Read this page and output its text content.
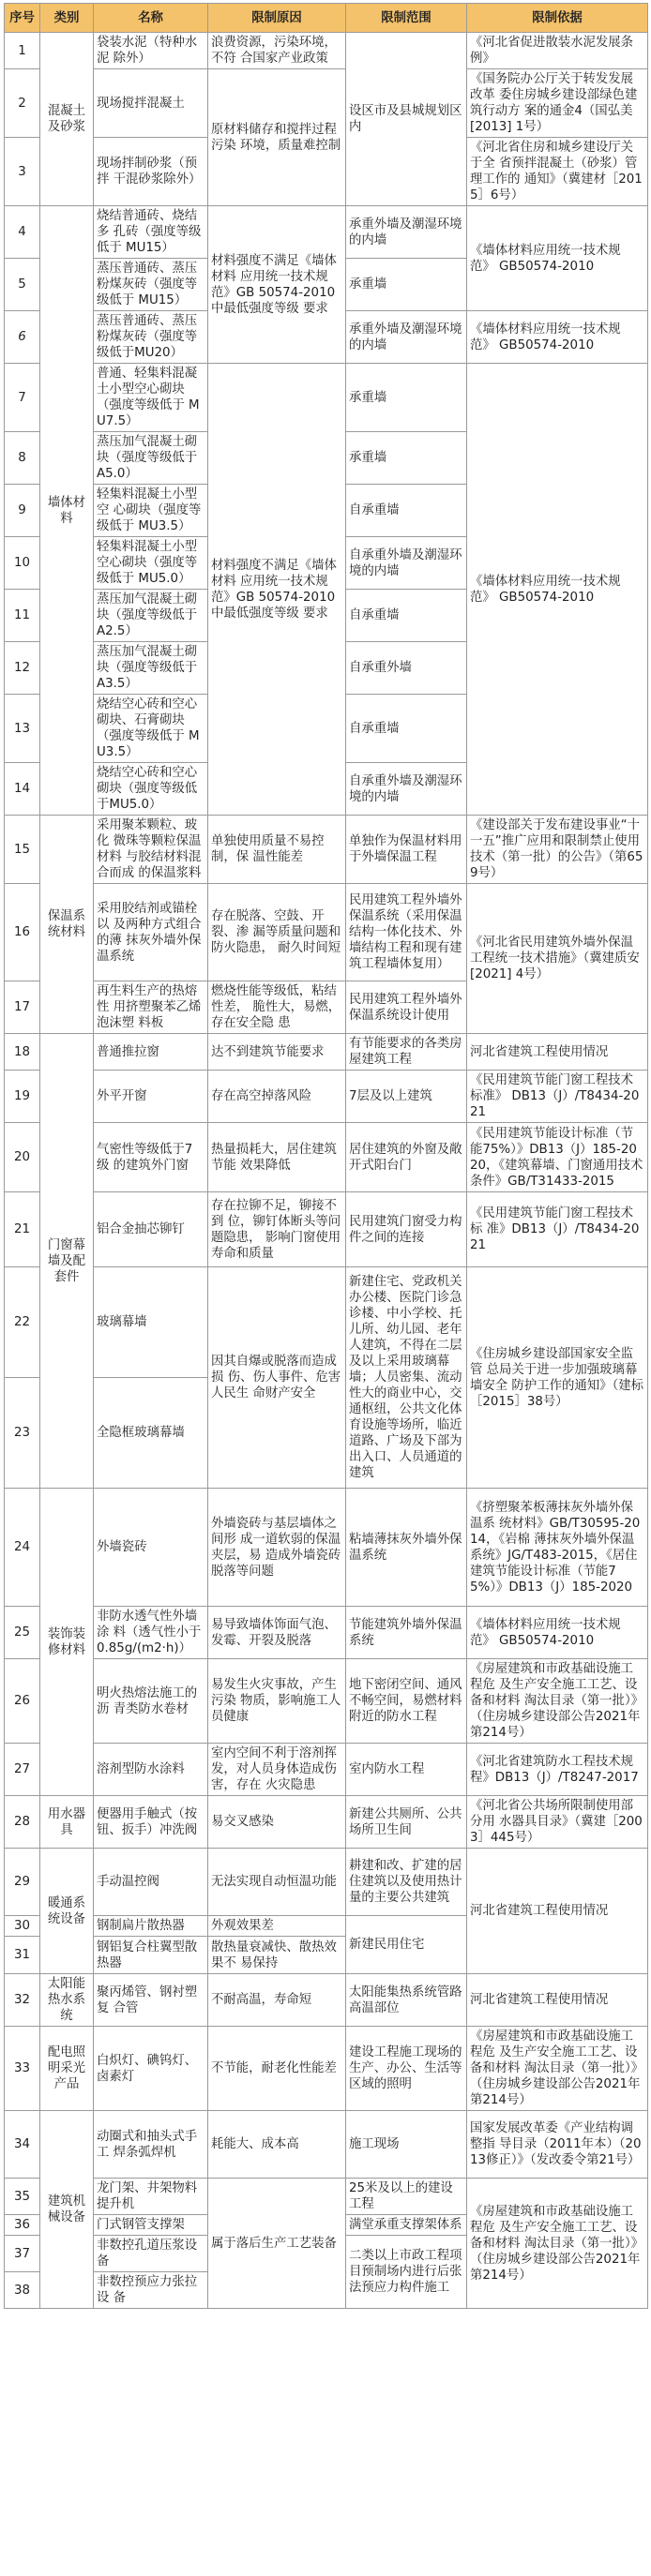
序号	类别	名称	限制原因	限制范围	限制依据
1	混凝土及砂浆	袋装水泥（特种水泥 除外）	浪费资源，污染环境，不符 合国家产业政策	设区市及县城规划区内	《河北省促进散装水泥发展条例》
2		现场搅拌混凝土	原材料储存和搅拌过程污染 环境，质量难控制		《国务院办公厅关于转发发展改革 委住房城乡建设部绿色建筑行动方 案的通金4（国弘美[2013] 1号）
3		现场拌制砂浆（预拌 干混砂浆除外）			《河北省住房和城乡建设厅关于全 省预拌混凝土（砂浆）管理工作的 通知》（冀建材［2015］6号）
4	墙体材料	烧结普通砖、烧结多 孔砖（强度等级低于 MU15）	材料强度不满足《墙体材料 应用统一技术规范》GB 50574-2010中最低强度等级 要求	承重外墙及潮湿环境的内墙	《墙体材料应用统一技术规范》 GB50574-2010
5		蒸压普通砖、蒸压粉煤灰砖（强度等级低于 MU15）		承重墙	
6		蒸压普通砖、蒸压粉煤灰砖（强度等级低于MU20）		承重外墙及潮湿环境的内墙	《墙体材料应用统一技术规范》 GB50574-2010
7		普通、轻集料混凝土小型空心砌块（强度等级低于 MU7.5）	材料强度不满足《墙体材料 应用统一技术规范》GB 50574-2010中最低强度等级 要求	承重墙	《墙体材料应用统一技术规范》 GB50574-2010
8		蒸压加气混凝土砌块（强度等级低于 A5.0）		承重墙	
9		轻集料混凝土小型空 心砌块（强度等级低于 MU3.5）		自承重墙	
10		轻集料混凝土小型空心砌块（强度等级低于 MU5.0）		自承重外墙及潮湿环境的内墙	
11		蒸压加气混凝土砌块（强度等级低于 A2.5）		自承重墙	
12		蒸压加气混凝土砌块（强度等级低于 A3.5）		自承重外墙	
13		烧结空心砖和空心 砌块、石膏砌块（强度等级低于 MU3.5）		自承重墙	
14		烧结空心砖和空心砌块（强度等级低于MU5.0）		自承重外墙及潮湿环境的内墙	
15	保温系统材料	采用聚苯颗粒、玻化 微珠等颗粒保温材料 与胶结材料混合而成 的保温浆料	单独使用质量不易控制，保 温性能差	单独作为保温材料用于外墙保温工程	《建设部关于发布建设事业“十一五”推广应用和限制禁止使用技术（第一批）的公告》（第659号）
16		采用胶结剂或锚栓以 及两种方式组合的薄 抹灰外墙外保温系统	存在脱落、空鼓、开裂、渗 漏等质量问题和防火隐患， 耐久时间短	民用建筑工程外墙外保温系统（采用保温结构一体化技术、外墙结构工程和现有建筑工程墙体复用）	《河北省民用建筑外墙外保温工程统一技术措施》（冀建质安[2021] 4号）
17		再生料生产的热熔性 用挤塑聚苯乙烯泡沫塑 料板	燃烧性能等级低，粘结性差， 脆性大，易燃，存在安全隐 患	民用建筑工程外墙外保温系统设计使用	
18	门窗幕墙及配套件	普通推拉窗	达不到建筑节能要求	有节能要求的各类房屋建筑工程	河北省建筑工程使用情况
19		外平开窗	存在高空掉落风险	7层及以上建筑	《民用建筑节能门窗工程技术标准》 DB13（J）/T8434-2021
20		气密性等级低于7级 的建筑外门窗	热量损耗大，居住建筑节能 效果降低	居住建筑的外窗及敞开式阳台门	《民用建筑节能设计标准（节能75%）》DB13（J）185-2020，《建筑幕墙、门窗通用技术条件》GB/T31433-2015
21		铝合金抽芯铆钉	存在拉铆不足，铆接不到 位，铆钉体断头等问题隐患， 影响门窗使用寿命和质量	民用建筑门窗受力构件之间的连接	《民用建筑节能门窗工程技术标 准》DB13（J）/T8434-2021
22		玻璃幕墙	因其自爆或脱落而造成损 伤、伤人事件、危害人民生 命财产安全	新建住宅、党政机关办公楼、医院门诊急诊楼、中小学校、托儿所、幼儿园、老年人建筑，不得在二层及以上采用玻璃幕墙；人员密集、流动性大的商业中心，交通枢纽，公共文化体育设施等场所，临近道路、广场及下部为出入口、人员通道的建筑	《住房城乡建设部国家安全监管 总局关于进一步加强玻璃幕墙安全 防护工作的通知》（建标［2015］38号）
23		全隐框玻璃幕墙			
24	装饰装修材料	外墙瓷砖	外墙瓷砖与基层墙体之间形 成一道软弱的保温夹层，易 造成外墙瓷砖脱落等问题	粘墙薄抹灰外墙外保温系统	《挤塑聚苯板薄抹灰外墙外保温系 统材料》GB/T30595-2014，《岩棉 薄抹灰外墙外保温系统》JG/T483-2015，《居住建筑节能设计标准（节能75%）》DB13（J）185-2020
25		非防水透气性外墙涂 料（透气性小于0.85g/(m2·h)）	易导致墙体饰面气泡、发霉、开裂及脱落	节能建筑外墙外保温系统	《墙体材料应用统一技术规范》 GB50574-2010
26		明火热熔法施工的沥 青类防水卷材	易发生火灾事故，产生污染 物质，影响施工人员健康	地下密闭空间、通风不畅空间，易燃材料附近的防水工程	《房屋建筑和市政基础设施工程危 及生产安全施工工艺、设备和材料 淘汰目录（第一批）》（住房城乡建设部公告2021年第214号）
27		溶剂型防水涂料	室内空间不利于溶剂挥发，对人员身体造成伤害，存在 火灾隐患	室内防水工程	《河北省建筑防水工程技术规 程》DB13（J）/T8247-2017
28	用水器具	便器用手触式（按钮、扳手）冲洗阀	易交叉感染	新建公共厕所、公共场所卫生间	《河北省公共场所限制使用部分用 水器具目录》（冀建［2003］445号）
29	暖通系统设备	手动温控阀	无法实现自动恒温功能	耕建和改、扩建的居住建筑以及使用热计量的主要公共建筑	河北省建筑工程使用情况
30		钢制扁片散热器	外观效果差	新建民用住宅	
31		钢铝复合柱翼型散热器	散热量衰减快、散热效果不 易保持		
32	太阳能热水系统	聚丙烯管、钢衬塑复 合管	不耐高温，寿命短	太阳能集热系统管路高温部位	河北省建筑工程使用情况
33	配电照明采光产品	白炽灯、碘钨灯、卤素灯	不节能，耐老化性能差	建设工程施工现场的生产、办公、生活等区域的照明	《房屋建筑和市政基础设施工程危 及生产安全施工工艺、设备和材料 淘汰目录（第一批）》（住房城乡建设部公告2021年第214号）
34	建筑机械设备	动圈式和抽头式手工 焊条弧焊机	耗能大、成本高	施工现场	国家发展改革委《产业结构调整指 导目录（2011年本）（2013修正）》（发改委令第21号）
35		龙门架、井架物料提升机	属于落后生产工艺装备	25米及以上的建设工程	《房屋建筑和市政基础设施工程危 及生产安全施工工艺、设备和材料 淘汰目录（第一批）》（住房城乡建设部公告2021年第214号）
36		门式钢管支撑架		满堂承重支撑架体系	
37		非数控孔道压浆设备		二类以上市政工程项目预制场内进行后张法预应力构件施工	
38		非数控预应力张拉设 备			
